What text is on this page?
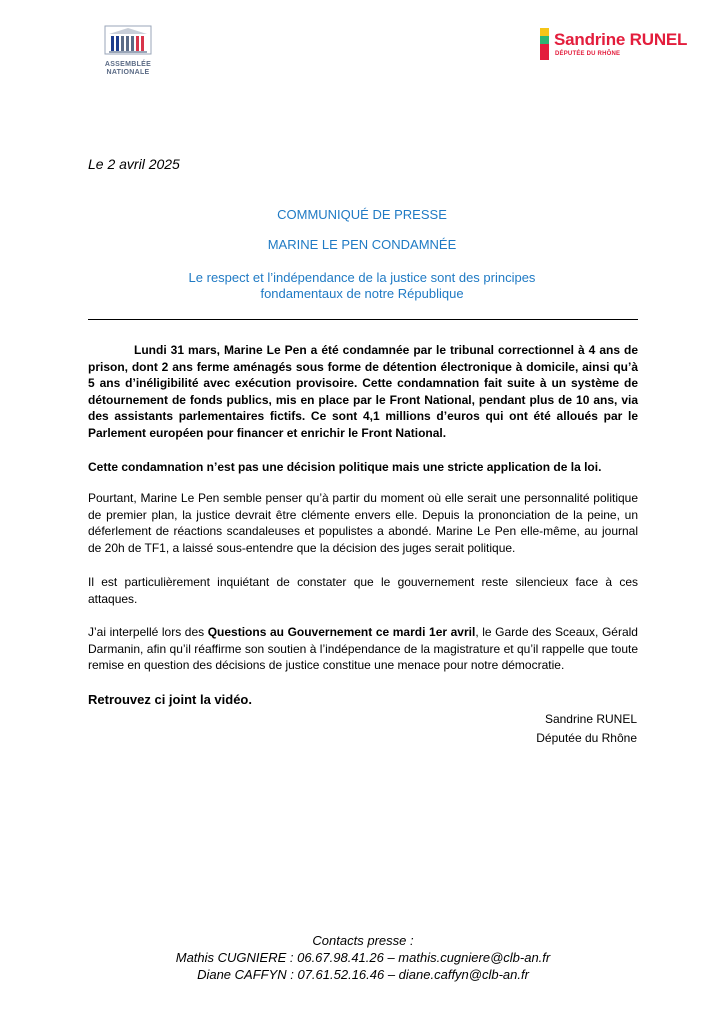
ASSEMBLÉE
NATIONALE
Sandrine RUNEL
DÉPUTÉE DU RHÔNE
Le 2 avril 2025
COMMUNIQUÉ DE PRESSE
MARINE LE PEN CONDAMNÉE
Le respect et l’indépendance de la justice sont des principes
fondamentaux de notre République
Lundi 31 mars, Marine Le Pen a été condamnée par le tribunal correctionnel à 4 ans de prison, dont 2 ans ferme aménagés sous forme de détention électronique à domicile, ainsi qu’à 5 ans d’inéligibilité avec exécution provisoire. Cette condamnation fait suite à un système de détournement de fonds publics, mis en place par le Front National, pendant plus de 10 ans, via des assistants parlementaires fictifs. Ce sont 4,1 millions d’euros qui ont été alloués par le Parlement européen pour financer et enrichir le Front National.
Cette condamnation n’est pas une décision politique mais une stricte application de la loi.
Pourtant, Marine Le Pen semble penser qu’à partir du moment où elle serait une personnalité politique de premier plan, la justice devrait être clémente envers elle. Depuis la prononciation de la peine, un déferlement de réactions scandaleuses et populistes a abondé. Marine Le Pen elle-même, au journal de 20h de TF1, a laissé sous-entendre que la décision des juges serait politique.
Il est particulièrement inquiétant de constater que le gouvernement reste silencieux face à ces attaques.
J’ai interpellé lors des Questions au Gouvernement ce mardi 1er avril, le Garde des Sceaux, Gérald Darmanin, afin qu’il réaffirme son soutien à l’indépendance de la magistrature et qu’il rappelle que toute remise en question des décisions de justice constitue une menace pour notre démocratie.
Retrouvez ci joint la vidéo.
Sandrine RUNEL
Députée du Rhône
Contacts presse :
Mathis CUGNIERE : 06.67.98.41.26 – mathis.cugniere@clb-an.fr
Diane CAFFYN : 07.61.52.16.46 – diane.caffyn@clb-an.fr
